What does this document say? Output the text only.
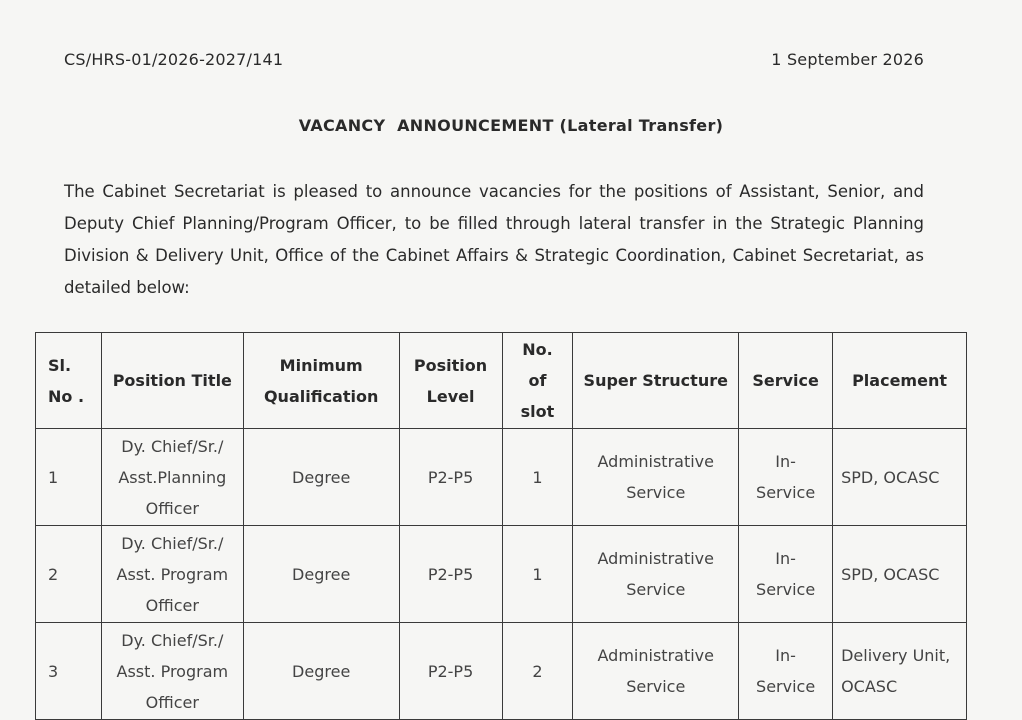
CS/HRS-01/2026-2027/141	1 September 2026
VACANCY  ANNOUNCEMENT (Lateral Transfer)
The Cabinet Secretariat is pleased to announce vacancies for the positions of Assistant, Senior, and Deputy Chief Planning/Program Officer, to be filled through lateral transfer in the Strategic Planning Division & Delivery Unit, Office of the Cabinet Affairs & Strategic Coordination, Cabinet Secretariat, as detailed below:
Sl. No .	Position Title	Minimum Qualification	Position Level	No. of slot	Super Structure	Service	Placement
1	Dy. Chief/Sr./ Asst.Planning Officer	Degree	P2-P5	1	Administrative Service	In-Service	SPD, OCASC
2	Dy. Chief/Sr./ Asst. Program Officer	Degree	P2-P5	1	Administrative Service	In-Service	SPD, OCASC
3	Dy. Chief/Sr./ Asst. Program Officer	Degree	P2-P5	2	Administrative Service	In-Service	Delivery Unit, OCASC
